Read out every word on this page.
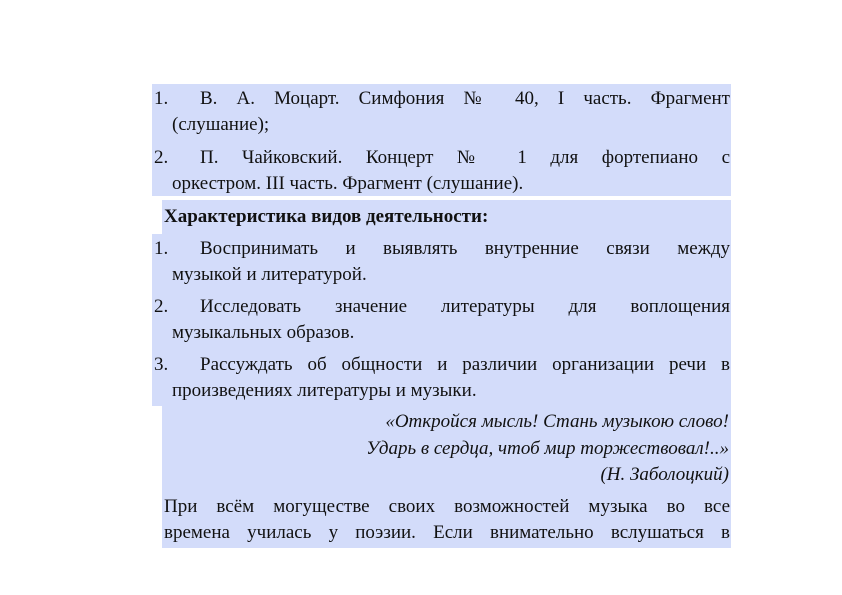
1. В. А. Моцарт. Симфония № 40, I часть. Фрагмент
(слушание);
2. П. Чайковский. Концерт № 1 для фортепиано с
оркестром. III часть. Фрагмент (слушание).
Характеристика видов деятельности:
1. Воспринимать и выявлять внутренние связи между
музыкой и литературой.
2. Исследовать значение литературы для воплощения
музыкальных образов.
3. Рассуждать об общности и различии организации речи в
произведениях литературы и музыки.
«Откройся мысль! Стань музыкою слово!
Ударь в сердца, чтоб мир торжествовал!..»
(Н. Заболоцкий)
При всём могуществе своих возможностей музыка во все
времена училась у поэзии. Если внимательно вслушаться в
